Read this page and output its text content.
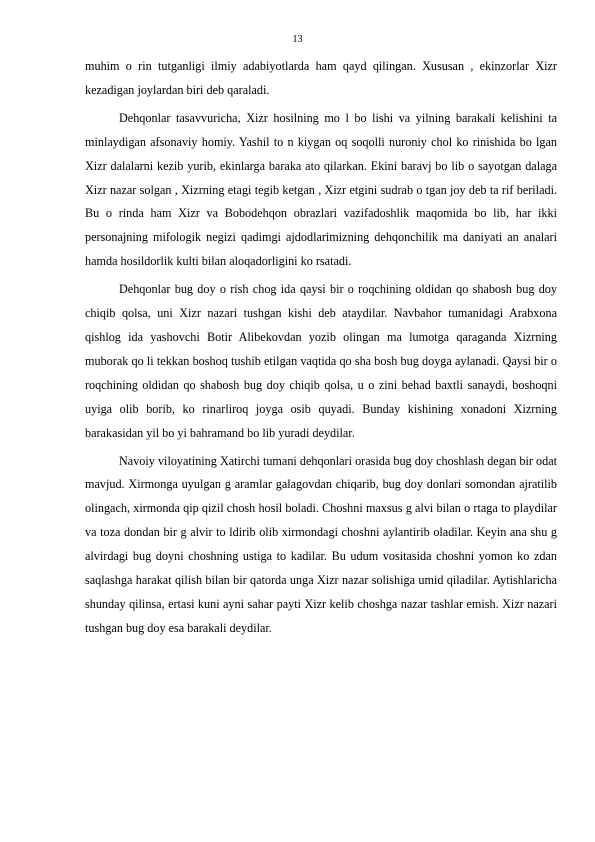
13

muhim o rin tutganligi ilmiy adabiyotlarda ham qayd qilingan. Xususan , ekinzorlar Xizr kezadigan joylardan biri deb qaraladi.

Dehqonlar tasavvuricha, Xizr hosilning mo l bo lishi va yilning barakali kelishini ta minlaydigan afsonaviy homiy. Yashil to n kiygan oq soqolli nuroniy chol ko rinishida bo lgan Xizr dalalarni kezib yurib, ekinlarga baraka ato qilarkan. Ekini baravj bo lib o sayotgan dalaga Xizr nazar solgan , Xizrning etagi tegib ketgan , Xizr etgini sudrab o tgan joy deb ta rif beriladi. Bu o rinda ham Xizr va Bobodehqon obrazlari vazifadoshlik maqomida bo lib, har ikki personajning mifologik negizi qadimgi ajdodlarimizning dehqonchilik ma daniyati an analari hamda hosildorlik kulti bilan aloqadorligini ko rsatadi.

Dehqonlar bug doy o rish chog ida qaysi bir o roqchining oldidan qo shabosh bug doy chiqib qolsa, uni Xizr nazari tushgan kishi deb ataydilar. Navbahor tumanidagi Arabxona qishlog ida yashovchi Botir Alibekovdan yozib olingan ma lumotga qaraganda Xizrning muborak qo li tekkan boshoq tushib etilgan vaqtida qo sha bosh bug doyga aylanadi. Qaysi bir o roqchining oldidan qo shabosh bug doy chiqib qolsa, u o zini behad baxtli sanaydi, boshoqni uyiga olib borib, ko rinarliroq joyga osib quyadi. Bunday kishining xonadoni Xizrning barakasidan yil bo yi bahramand bo lib yuradi deydilar.

Navoiy viloyatining Xatirchi tumani dehqonlari orasida bug doy choshlash degan bir odat mavjud. Xirmonga uyulgan g aramlar galagovdan chiqarib, bug doy donlari somondan ajratilib olingach, xirmonda qip qizil chosh hosil boladi. Choshni maxsus g alvi bilan o rtaga to playdilar va toza dondan bir g alvir to ldirib olib xirmondagi choshni aylantirib oladilar. Keyin ana shu g alvirdagi bug doyni choshning ustiga to kadilar. Bu udum vositasida choshni yomon ko zdan saqlashga harakat qilish bilan bir qatorda unga Xizr nazar solishiga umid qiladilar. Aytishlaricha shunday qilinsa, ertasi kuni ayni sahar payti Xizr kelib choshga nazar tashlar emish. Xizr nazari tushgan bug doy esa barakali deydilar.
